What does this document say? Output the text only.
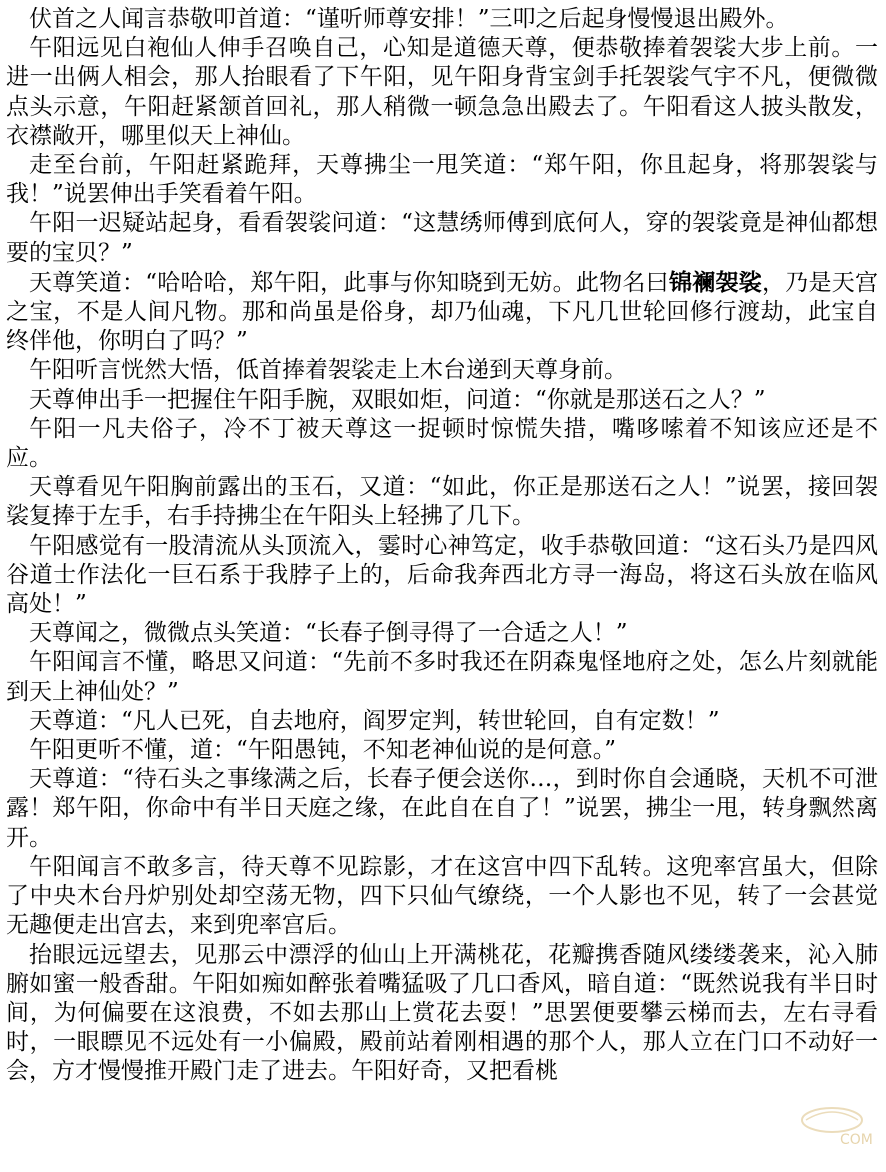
伏首之人闻言恭敬叩首道：“谨听师尊安排！”三叩之后起身慢慢退出殿外。

午阳远见白袍仙人伸手召唤自己，心知是道德天尊，便恭敬捧着袈裟大步上前。一进一出俩人相会，那人抬眼看了下午阳，见午阳身背宝剑手托袈裟气宇不凡，便微微点头示意，午阳赶紧颔首回礼，那人稍微一顿急急出殿去了。午阳看这人披头散发，衣襟敞开，哪里似天上神仙。

走至台前，午阳赶紧跪拜，天尊拂尘一甩笑道：“郑午阳，你且起身，将那袈裟与我！”说罢伸出手笑看着午阳。

午阳一迟疑站起身，看看袈裟问道：“这慧绣师傅到底何人，穿的袈裟竟是神仙都想要的宝贝？”

天尊笑道：“哈哈哈，郑午阳，此事与你知晓到无妨。此物名曰锦襕袈裟，乃是天宫之宝，不是人间凡物。那和尚虽是俗身，却乃仙魂，下凡几世轮回修行渡劫，此宝自终伴他，你明白了吗？”

午阳听言恍然大悟，低首捧着袈裟走上木台递到天尊身前。

天尊伸出手一把握住午阳手腕，双眼如炬，问道：“你就是那送石之人？”

午阳一凡夫俗子，冷不丁被天尊这一捉顿时惊慌失措，嘴哆嗦着不知该应还是不应。

天尊看见午阳胸前露出的玉石，又道：“如此，你正是那送石之人！”说罢，接回袈裟复捧于左手，右手持拂尘在午阳头上轻拂了几下。

午阳感觉有一股清流从头顶流入，霎时心神笃定，收手恭敬回道：“这石头乃是四风谷道士作法化一巨石系于我脖子上的，后命我奔西北方寻一海岛，将这石头放在临风高处！”

天尊闻之，微微点头笑道：“长春子倒寻得了一合适之人！”

午阳闻言不懂，略思又问道：“先前不多时我还在阴森鬼怪地府之处，怎么片刻就能到天上神仙处？”

天尊道：“凡人已死，自去地府，阎罗定判，转世轮回，自有定数！”

午阳更听不懂，道：“午阳愚钝，不知老神仙说的是何意。”

天尊道：“待石头之事缘满之后，长春子便会送你…，到时你自会通晓，天机不可泄露！郑午阳，你命中有半日天庭之缘，在此自在自了！”说罢，拂尘一甩，转身飘然离开。

午阳闻言不敢多言，待天尊不见踪影，才在这宫中四下乱转。这兜率宫虽大，但除了中央木台丹炉别处却空荡无物，四下只仙气缭绕，一个人影也不见，转了一会甚觉无趣便走出宫去，来到兜率宫后。

抬眼远远望去，见那云中漂浮的仙山上开满桃花，花瓣携香随风缕缕袭来，沁入肺腑如蜜一般香甜。午阳如痴如醉张着嘴猛吸了几口香风，暗自道：“既然说我有半日时间，为何偏要在这浪费，不如去那山上赏花去耍！”思罢便要攀云梯而去，左右寻看时，一眼瞟见不远处有一小偏殿，殿前站着刚相遇的那个人，那人立在门口不动好一会，方才慢慢推开殿门走了进去。午阳好奇，又把看桃

COM
